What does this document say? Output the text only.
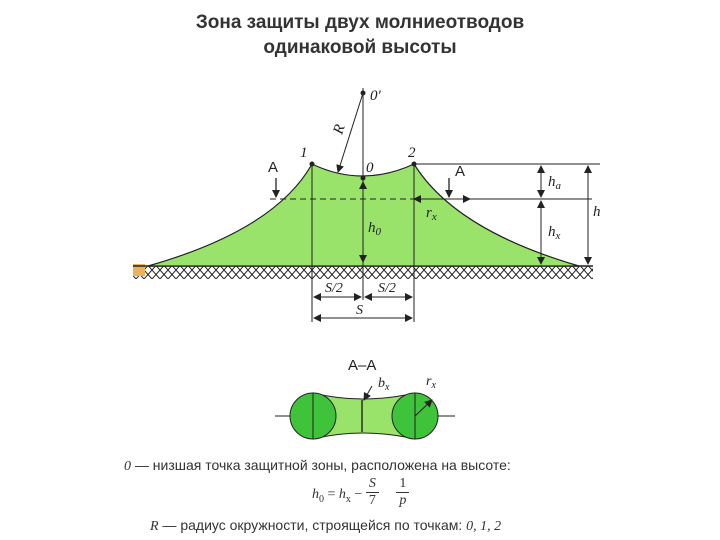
Зона защиты двух молниеотводов
одинаковой высоты
0'
R
1	2
0
A	A
$r_x$
$h_0$
$h_a$
$h_x$
h
S/2	S/2
S
A–A
$b_x$	$r_x$
0 — низшая точка защитной зоны, расположена на высоте:
$h_0 = h_x - \frac{S}{7}$
$\frac{1}{p}$
R — радиус окружности, строящейся по точкам: 0, 1, 2
